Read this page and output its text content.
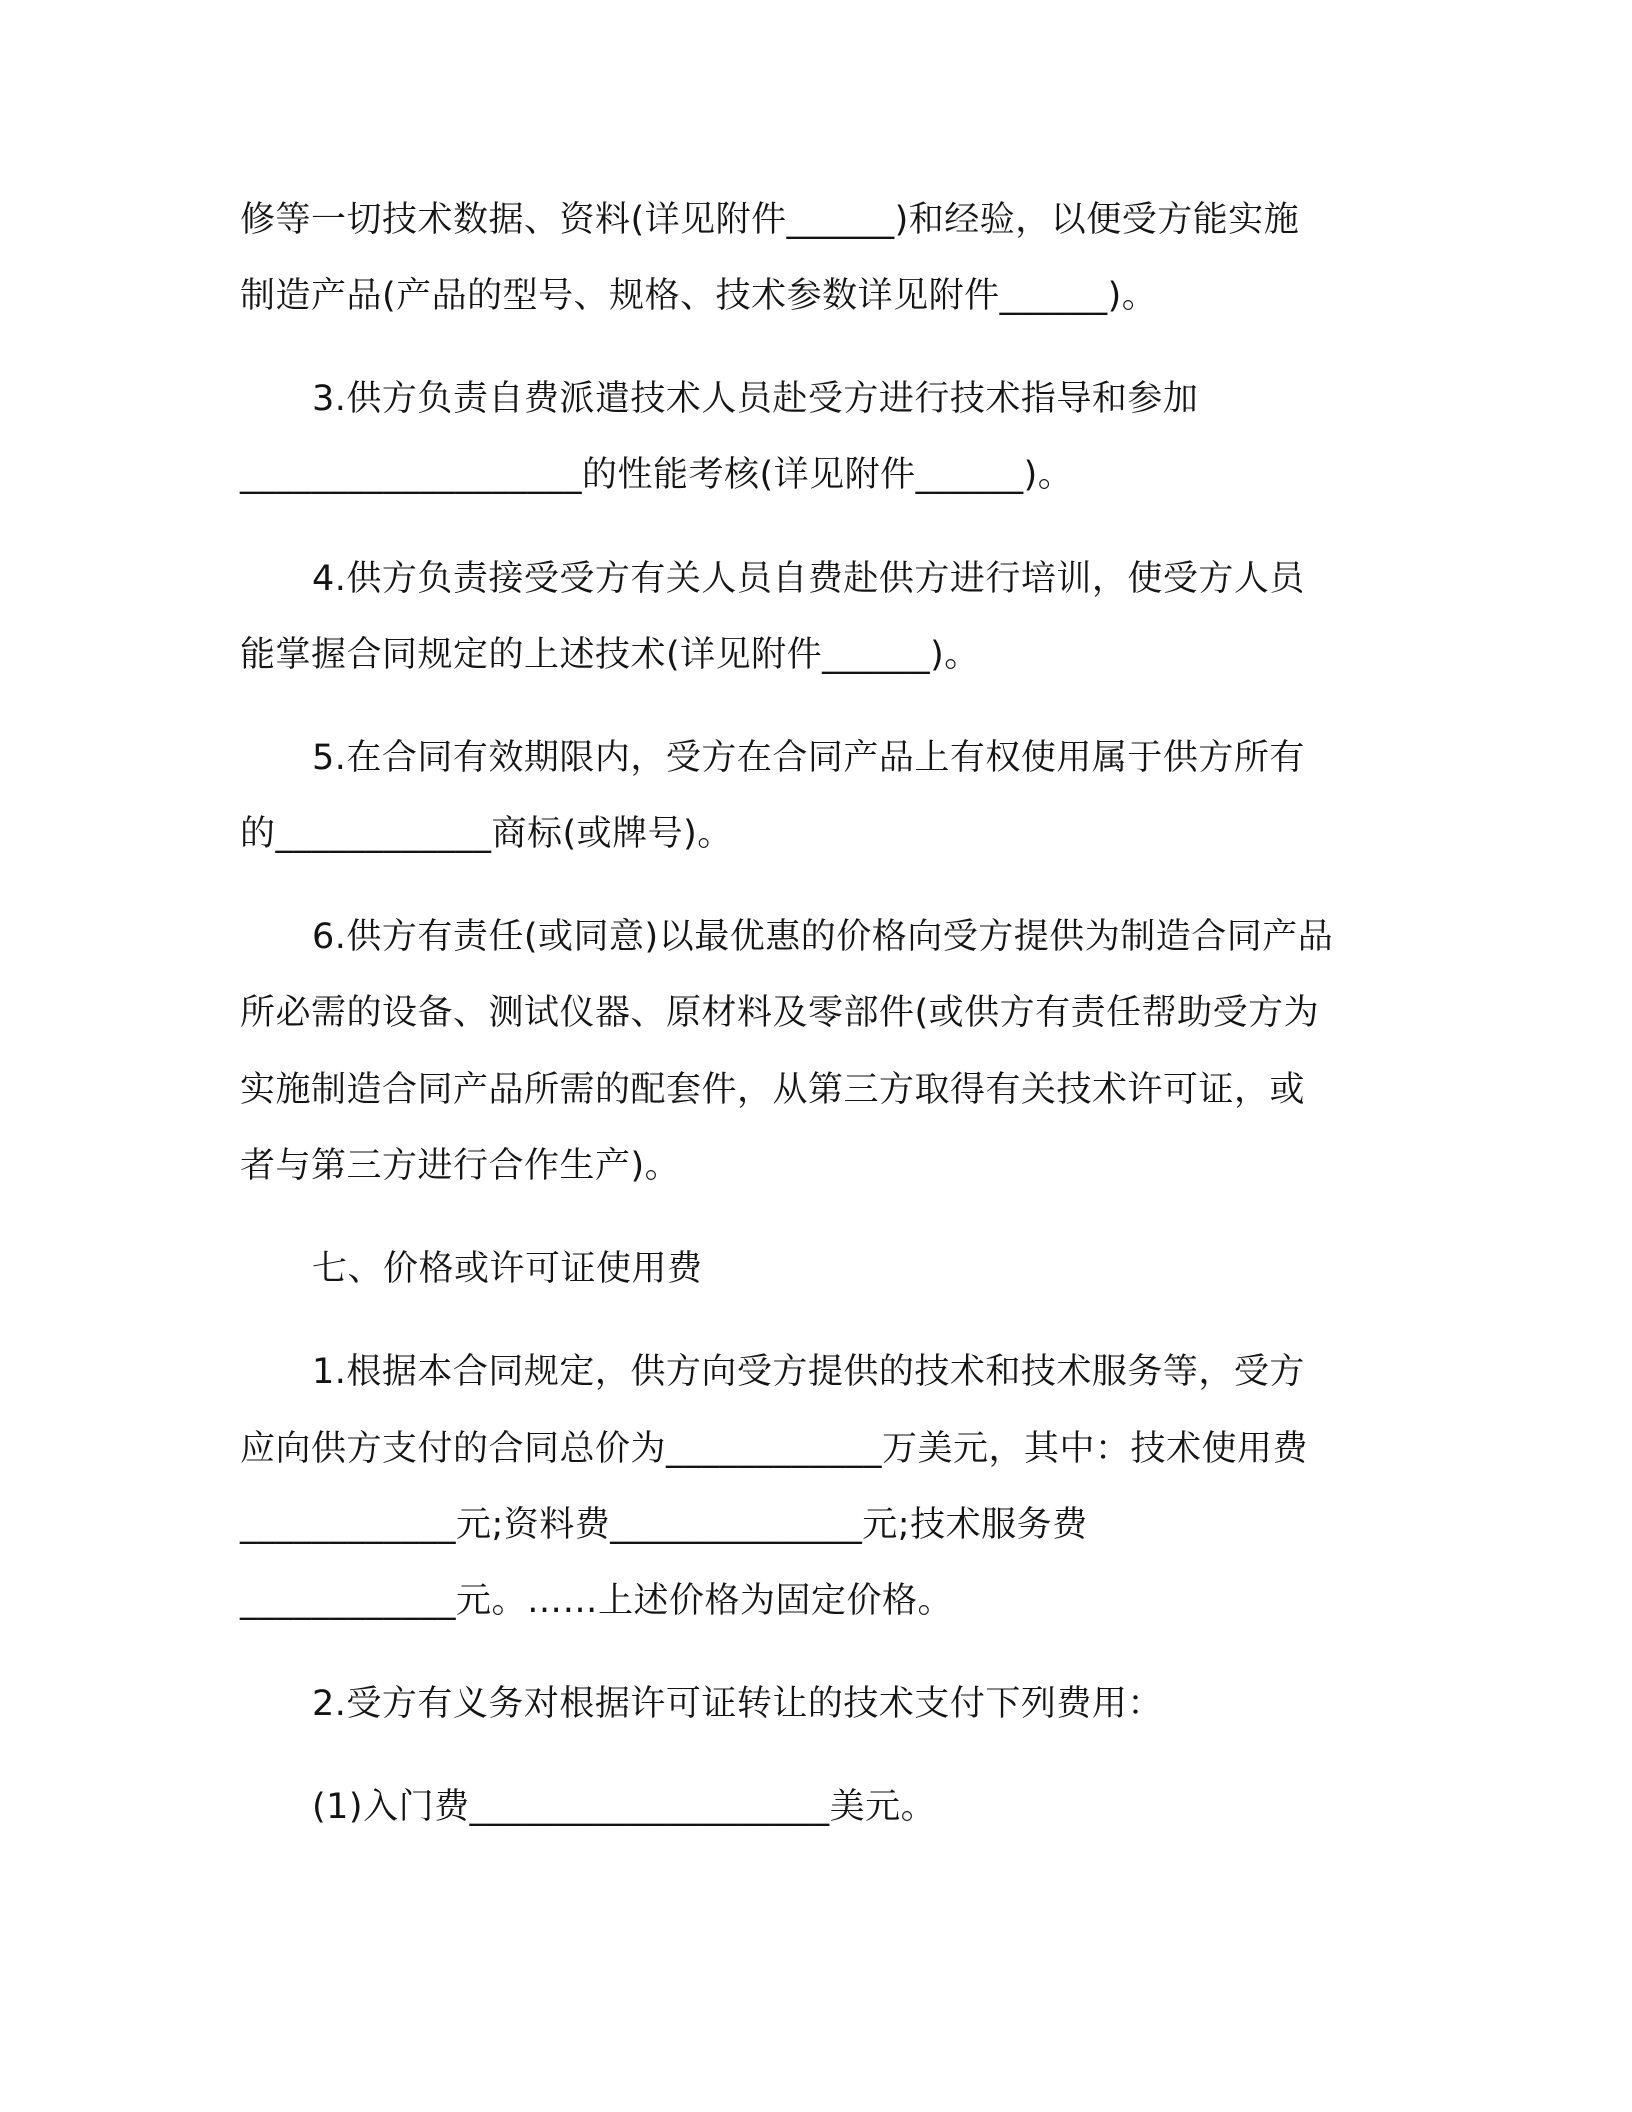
修等一切技术数据、资料(详见附件______)和经验，以便受方能实施
制造产品(产品的型号、规格、技术参数详见附件______)。
3.供方负责自费派遣技术人员赴受方进行技术指导和参加
___________________的性能考核(详见附件______)。
4.供方负责接受受方有关人员自费赴供方进行培训，使受方人员
能掌握合同规定的上述技术(详见附件______)。
5.在合同有效期限内，受方在合同产品上有权使用属于供方所有
的____________商标(或牌号)。
6.供方有责任(或同意)以最优惠的价格向受方提供为制造合同产品
所必需的设备、测试仪器、原材料及零部件(或供方有责任帮助受方为
实施制造合同产品所需的配套件，从第三方取得有关技术许可证，或
者与第三方进行合作生产)。
七、价格或许可证使用费
1.根据本合同规定，供方向受方提供的技术和技术服务等，受方
应向供方支付的合同总价为____________万美元，其中：技术使用费
____________元;资料费______________元;技术服务费
____________元。……上述价格为固定价格。
2.受方有义务对根据许可证转让的技术支付下列费用：
(1)入门费____________________美元。
